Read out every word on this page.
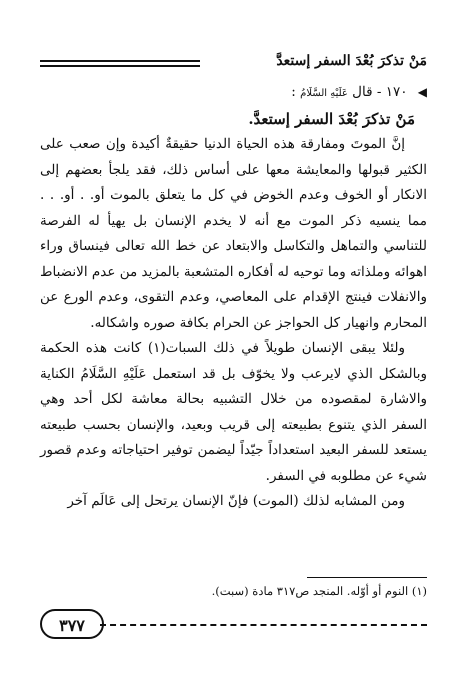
مَنْ تذكرَ بُعْدَ السفر إستعدَّ

◀ ١٧٠ - قال عَلَيْهِ السَّلَامُ :

مَنْ تذكرَ بُعْدَ السفر إستعدَّ.

إنَّ الموتَ ومفارقة هذه الحياة الدنيا حقيقةٌ أكيدة وإن صعب على الكثير قبولها والمعايشة معها على أساس ذلك، فقد يلجأ بعضهم إلى الانكار أو الخوف وعدم الخوض في كل ما يتعلق بالموت أو. . أو. . . مما ينسيه ذكر الموت مع أنه لا يخدم الإنسان بل يهيأ له الفرصة للتناسي والتماهل والتكاسل والابتعاد عن خط الله تعالى فينساق وراء اهوائه وملذاته وما توحيه له أفكاره المتشعبة بالمزيد من عدم الانضباط والانفلات فينتج الإقدام على المعاصي، وعدم التقوى، وعدم الورع عن المحارم وانهيار كل الحواجز عن الحرام بكافة صوره واشكاله.

ولئلا يبقى الإنسان طويلاً في ذلك السبات(١) كانت هذه الحكمة وبالشكل الذي لايرعب ولا يخوّف بل قد استعمل عَلَيْهِ السَّلَامُ الكناية والاشارة لمقصوده من خلال التشبيه بحالة معاشة لكل أحد وهي السفر الذي يتنوع بطبيعته إلى قريب وبعيد، والإنسان بحسب طبيعته يستعد للسفر البعيد استعداداً جيّداً ليضمن توفير احتياجاته وعدم قصور شيء عن مطلوبه في السفر.

ومن المشابه لذلك (الموت) فإنّ الإنسان يرتحل إلى عَالَم آخر

(١) النوم أو أوّله. المنجد ص٣١٧ مادة (سبت).
٣٧٧
